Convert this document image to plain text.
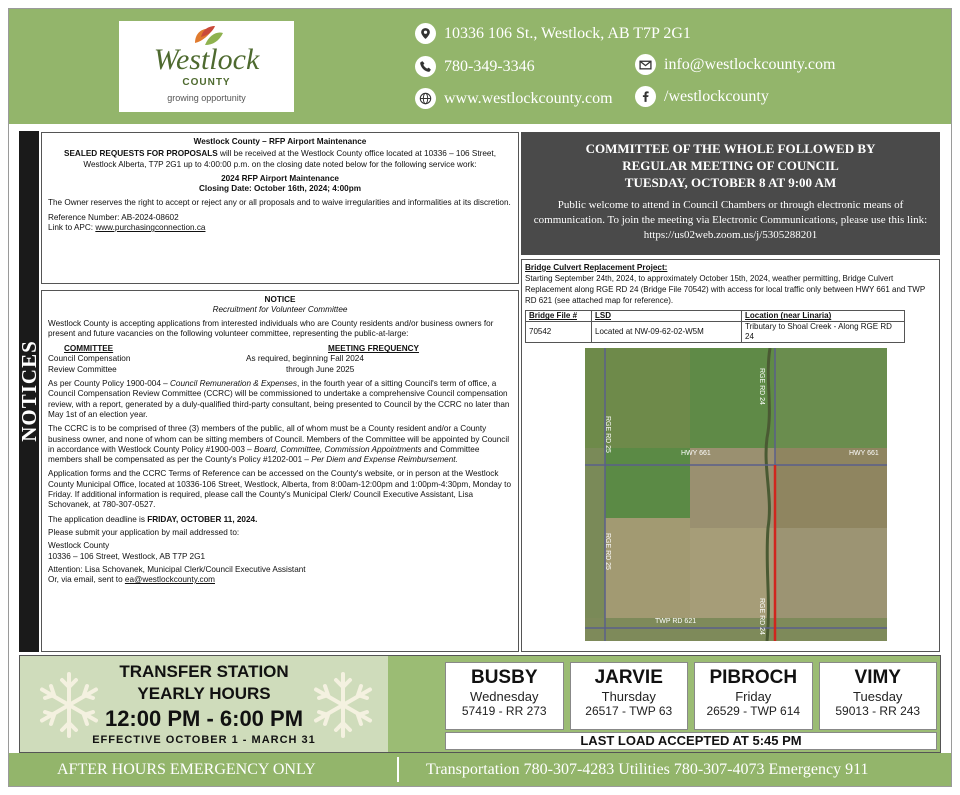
Westlock
COUNTY
growing opportunity
10336 106 St., Westlock, AB T7P 2G1
780-349-3346	info@westlockcounty.com
www.westlockcounty.com	/westlockcounty
NOTICES
Westlock County – RFP Airport Maintenance
SEALED REQUESTS FOR PROPOSALS will be received at the Westlock County office located at 10336 – 106 Street, Westlock Alberta, T7P 2G1 up to 4:00:00 p.m. on the closing date noted below for the following service work:
2024 RFP Airport Maintenance
Closing Date: October 16th, 2024; 4:00pm
The Owner reserves the right to accept or reject any or all proposals and to waive irregularities and informalities at its discretion.
Reference Number: AB-2024-08602
Link to APC: www.purchasingconnection.ca
NOTICE
Recruitment for Volunteer Committee
Westlock County is accepting applications from interested individuals who are County residents and/or business owners for present and future vacancies on the following volunteer committee, representing the public-at-large:
COMMITTEE	MEETING FREQUENCY
Council Compensation	As required, beginning Fall 2024
Review Committee	through June 2025
As per County Policy 1900-004 – Council Remuneration & Expenses, in the fourth year of a sitting Council's term of office, a Council Compensation Review Committee (CCRC) will be commissioned to undertake a comprehensive Council compensation review, with a report, generated by a duly-qualified third-party consultant, being presented to Council by the CCRC no later than May 1st of an election year.
The CCRC is to be comprised of three (3) members of the public, all of whom must be a County resident and/or a County business owner, and none of whom can be sitting members of Council. Members of the Committee will be appointed by Council in accordance with Westlock County Policy #1900-003 – Board, Committee, Commission Appointments and Committee members shall be compensated as per the County's Policy #1202-001 – Per Diem and Expense Reimbursement.
Application forms and the CCRC Terms of Reference can be accessed on the County's website, or in person at the Westlock County Municipal Office, located at 10336-106 Street, Westlock, Alberta, from 8:00am-12:00pm and 1:00pm-4:30pm, Monday to Friday. If additional information is required, please call the County's Municipal Clerk/ Council Executive Assistant, Lisa Schovanek, at 780-307-0527.
The application deadline is FRIDAY, OCTOBER 11, 2024.
Please submit your application by mail addressed to:
Westlock County
10336 – 106 Street, Westlock, AB T7P 2G1
Attention: Lisa Schovanek, Municipal Clerk/Council Executive Assistant
Or, via email, sent to ea@westlockcounty.com
COMMITTEE OF THE WHOLE FOLLOWED BY
REGULAR MEETING OF COUNCIL
TUESDAY, OCTOBER 8 AT 9:00 AM
Public welcome to attend in Council Chambers or through electronic means of communication. To join the meeting via Electronic Communications, please use this link: https://us02web.zoom.us/j/5305288201
Bridge Culvert Replacement Project:
Starting September 24th, 2024, to approximately October 15th, 2024, weather permitting, Bridge Culvert Replacement along RGE RD 24 (Bridge File 70542) with access for local traffic only between HWY 661 and TWP RD 621 (see attached map for reference).
Bridge File #	LSD	Location (near Linaria)
70542	Located at NW-09-62-02-W5M	Tributary to Shoal Creek - Along RGE RD 24
RGE RD 24
RGE RD 25
HWY 661	HWY 661
RGE RD 25
TWP RD 621	RGE RD 24
TRANSFER STATION
YEARLY HOURS
12:00 PM - 6:00 PM
EFFECTIVE OCTOBER 1 - MARCH 31
BUSBY
Wednesday
57419 - RR 273
JARVIE
Thursday
26517 - TWP 63
PIBROCH
Friday
26529 - TWP 614
VIMY
Tuesday
59013 - RR 243
LAST LOAD ACCEPTED AT 5:45 PM
AFTER HOURS EMERGENCY ONLY	Transportation 780-307-4283 Utilities 780-307-4073 Emergency 911
